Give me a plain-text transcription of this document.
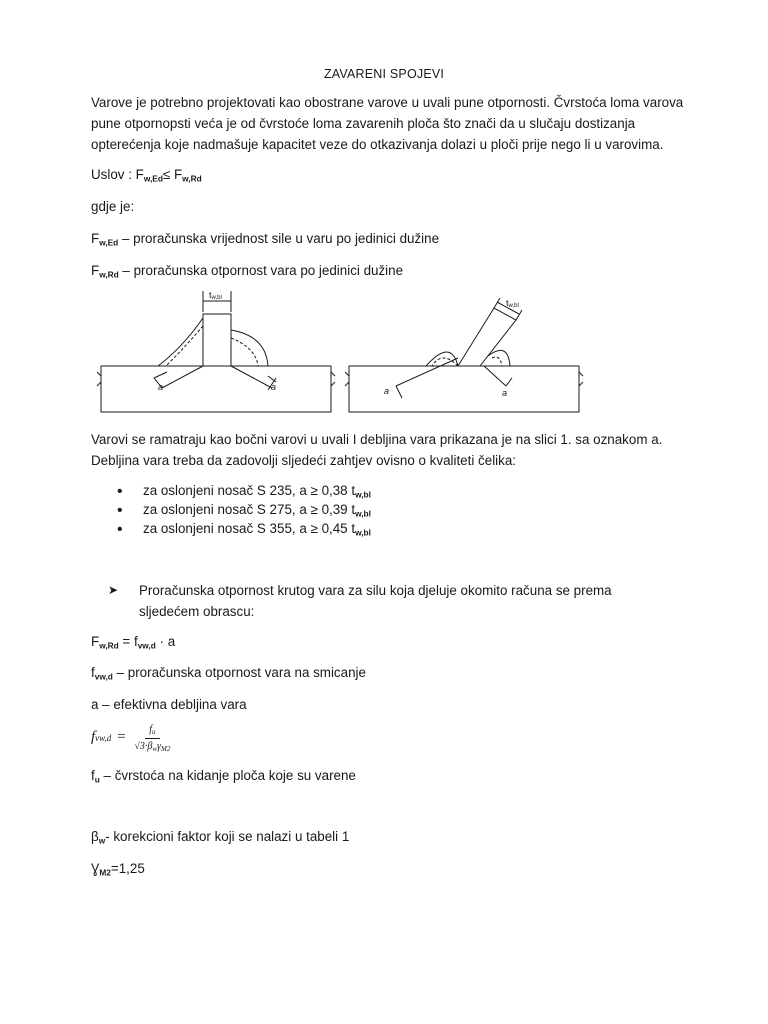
ZAVARENI SPOJEVI

Varove je potrebno projektovati kao obostrane varove u uvali pune otpornosti. Čvrstoća loma varova pune otpornopsti veća je od čvrstoće loma zavarenih ploča što znači da u slučaju dostizanja opterećenja koje nadmašuje kapacitet veze do otkazivanja dolazi u ploči prije nego li u varovima.

Uslov : $F_{w,Ed}\le F_{w,Rd}$

gdje je:

$F_{w,Ed}$ – proračunska vrijednost sile u varu po jedinici dužine

$F_{w,Rd}$ – proračunska otpornost vara po jedinici dužine

tw,bl
a	a
tw,bl
a	a

Varovi se ramatraju kao bočni varovi u uvali I debljina vara prikazana je na slici 1. sa oznakom a. Debljina vara treba da zadovolji sljedeći zahtjev ovisno o kvaliteti čelika:

• za oslonjeni nosač S 235, a ≥ 0,38 $t_{w,bl}$
• za oslonjeni nosač S 275, a ≥ 0,39 $t_{w,bl}$
• za oslonjeni nosač S 355, a ≥ 0,45 $t_{w,bl}$
➤	Proračunska otpornost krutog vara za silu koja djeluje okomito računa se prema sljedećem obrascu:

$F_{w,Rd} = f_{vw,d} \cdot a$

$f_{vw,d}$ – proračunska otpornost vara na smicanje

a – efektivna debljina vara

f $vw,d = \frac{f_u}{√3\cdot\beta_w\gamma_{M2}}$

$f_u$ – čvrstoća na kidanje ploča koje su varene

$\beta_w-$ korekcioni faktor koji se nalazi u tabeli 1

$Ɣ_{M2}=1,25$
